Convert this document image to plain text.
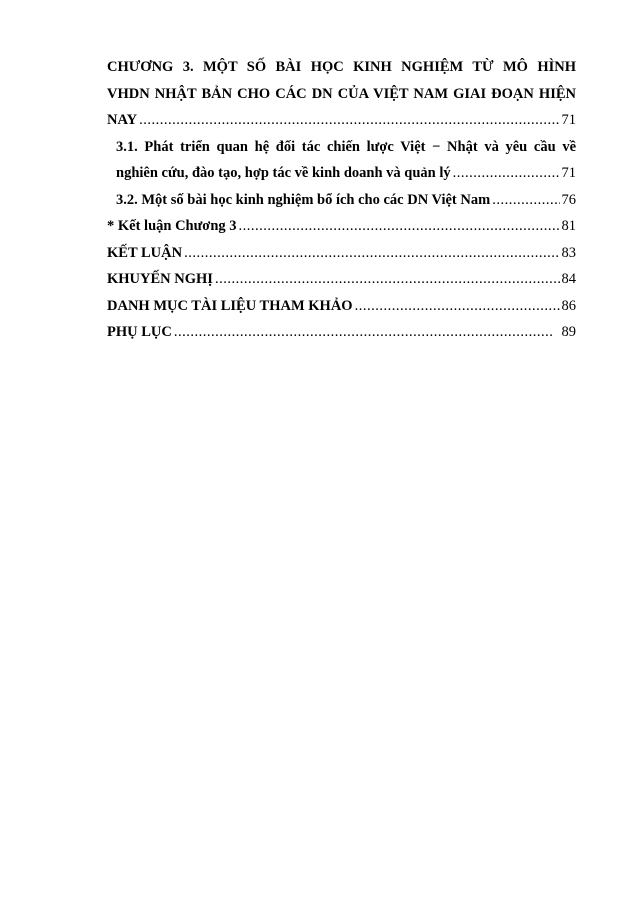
CHƯƠNG 3. MỘT SỐ BÀI HỌC KINH NGHIỆM TỪ MÔ HÌNH
VHDN NHẬT BẢN CHO CÁC DN CỦA VIỆT NAM GIAI ĐOẠN HIỆN
NAY .....	71
3.1. Phát triển quan hệ đối tác chiến lược Việt − Nhật và yêu cầu về
nghiên cứu, đào tạo, hợp tác về kinh doanh và quản lý .....	71
3.2. Một số bài học kinh nghiệm bổ ích cho các DN Việt Nam .....	76
* Kết luận Chương 3 .....	81
KẾT LUẬN .....	83
KHUYẾN NGHỊ .....	84
DANH MỤC TÀI LIỆU THAM KHẢO .....	86
PHỤ LỤC .....	89
